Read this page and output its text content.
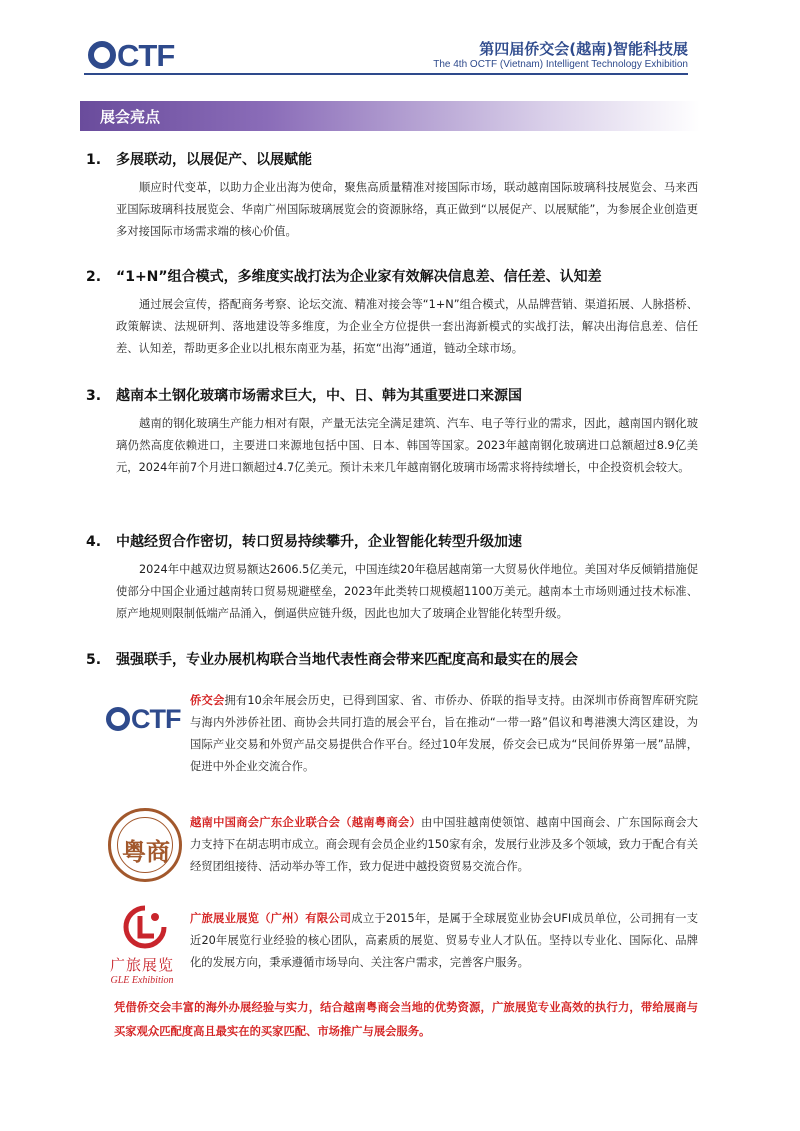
CTF	第四届侨交会(越南)智能科技展
The 4th OCTF (Vietnam) Intelligent Technology Exhibition
展会亮点
1.	多展联动，以展促产、以展赋能
顺应时代变革，以助力企业出海为使命，聚焦高质量精准对接国际市场，联动越南国际玻璃科技展览会、马来西亚国际玻璃科技展览会、华南广州国际玻璃展览会的资源脉络，真正做到“以展促产、以展赋能”，为参展企业创造更多对接国际市场需求端的核心价值。
2.	“1+N”组合模式，多维度实战打法为企业家有效解决信息差、信任差、认知差
通过展会宣传，搭配商务考察、论坛交流、精准对接会等“1+N”组合模式，从品牌营销、渠道拓展、人脉搭桥、政策解读、法规研判、落地建设等多维度，为企业全方位提供一套出海新模式的实战打法，解决出海信息差、信任差、认知差，帮助更多企业以扎根东南亚为基，拓宽“出海”通道，链动全球市场。
3.	越南本土钢化玻璃市场需求巨大，中、日、韩为其重要进口来源国
越南的钢化玻璃生产能力相对有限，产量无法完全满足建筑、汽车、电子等行业的需求，因此，越南国内钢化玻璃仍然高度依赖进口，主要进口来源地包括中国、日本、韩国等国家。2023年越南钢化玻璃进口总额超过8.9亿美元，2024年前7个月进口额超过4.7亿美元。预计未来几年越南钢化玻璃市场需求将持续增长，中企投资机会较大。
4.	中越经贸合作密切，转口贸易持续攀升，企业智能化转型升级加速
2024年中越双边贸易额达2606.5亿美元，中国连续20年稳居越南第一大贸易伙伴地位。美国对华反倾销措施促使部分中国企业通过越南转口贸易规避壁垒，2023年此类转口规模超1100万美元。越南本土市场则通过技术标准、原产地规则限制低端产品涌入，倒逼供应链升级，因此也加大了玻璃企业智能化转型升级。
5.	强强联手，专业办展机构联合当地代表性商会带来匹配度高和最实在的展会
CTF
侨交会拥有10余年展会历史，已得到国家、省、市侨办、侨联的指导支持。由深圳市侨商智库研究院与海内外涉侨社团、商协会共同打造的展会平台，旨在推动“一带一路”倡议和粤港澳大湾区建设，为国际产业交易和外贸产品交易提供合作平台。经过10年发展，侨交会已成为“民间侨界第一展”品牌，促进中外企业交流合作。
粤商
越南中国商会广东企业联合会（越南粤商会）由中国驻越南使领馆、越南中国商会、广东国际商会大力支持下在胡志明市成立。商会现有会员企业约150家有余，发展行业涉及多个领域，致力于配合有关经贸团组接待、活动举办等工作，致力促进中越投资贸易交流合作。
广旅展览
GLE Exhibition
广旅展业展览（广州）有限公司成立于2015年，是属于全球展览业协会UFI成员单位，公司拥有一支近20年展览行业经验的核心团队，高素质的展览、贸易专业人才队伍。坚持以专业化、国际化、品牌化的发展方向，秉承遵循市场导向、关注客户需求，完善客户服务。
凭借侨交会丰富的海外办展经验与实力，结合越南粤商会当地的优势资源，广旅展览专业高效的执行力，带给展商与买家观众匹配度高且最实在的买家匹配、市场推广与展会服务。
